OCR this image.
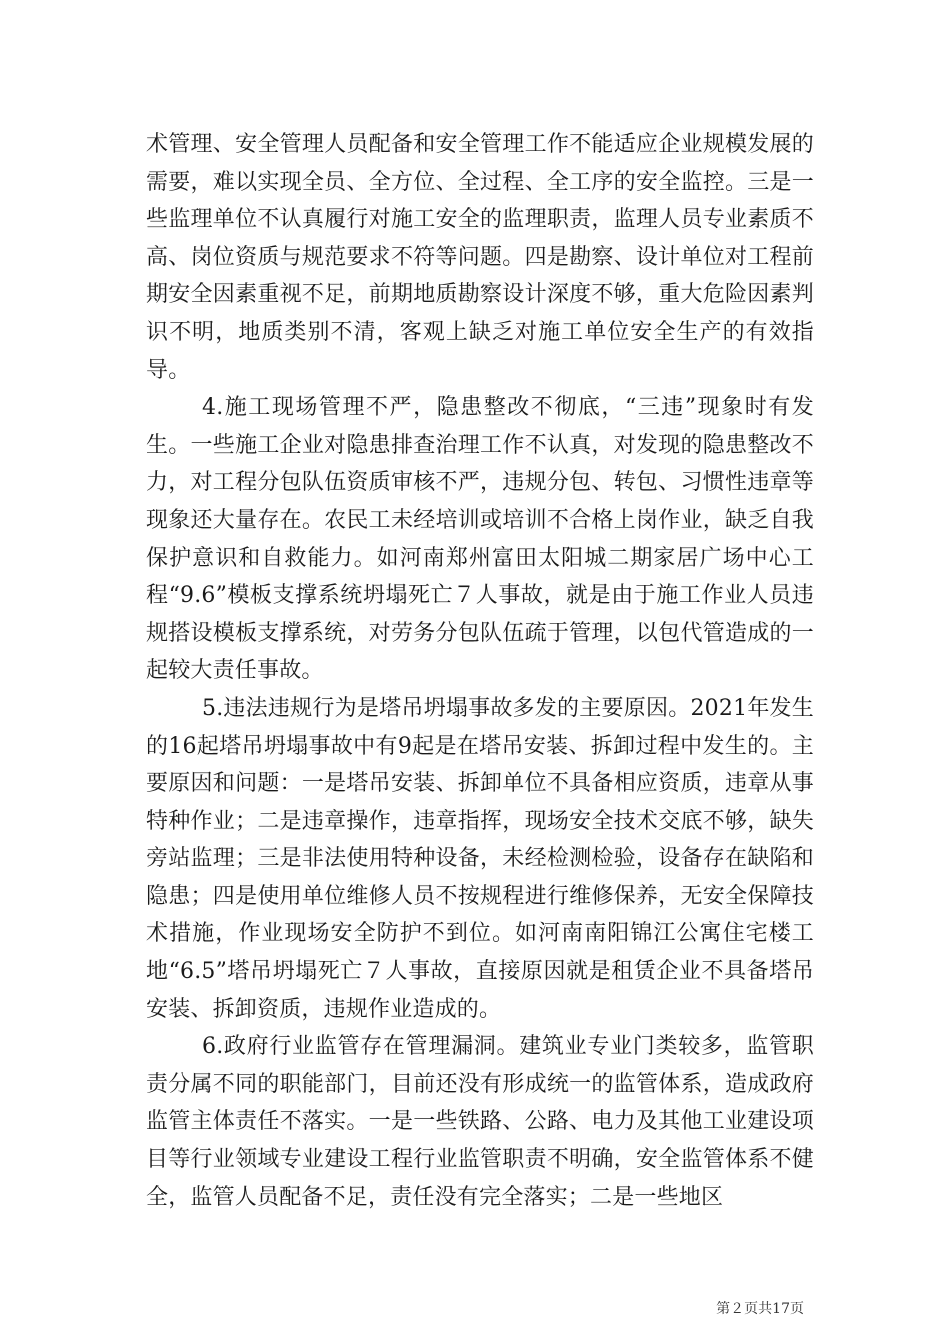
术管理、安全管理人员配备和安全管理工作不能适应企业规模发展的需要，难以实现全员、全方位、全过程、全工序的安全监控。三是一些监理单位不认真履行对施工安全的监理职责，监理人员专业素质不高、岗位资质与规范要求不符等问题。四是勘察、设计单位对工程前期安全因素重视不足，前期地质勘察设计深度不够，重大危险因素判识不明，地质类别不清，客观上缺乏对施工单位安全生产的有效指导。

4.施工现场管理不严，隐患整改不彻底，“三违”现象时有发生。一些施工企业对隐患排查治理工作不认真，对发现的隐患整改不力，对工程分包队伍资质审核不严，违规分包、转包、习惯性违章等现象还大量存在。农民工未经培训或培训不合格上岗作业，缺乏自我保护意识和自救能力。如河南郑州富田太阳城二期家居广场中心工程“9.6”模板支撑系统坍塌死亡７人事故，就是由于施工作业人员违规搭设模板支撑系统，对劳务分包队伍疏于管理，以包代管造成的一起较大责任事故。

5.违法违规行为是塔吊坍塌事故多发的主要原因。2021年发生的16起塔吊坍塌事故中有9起是在塔吊安装、拆卸过程中发生的。主要原因和问题：一是塔吊安装、拆卸单位不具备相应资质，违章从事特种作业；二是违章操作，违章指挥，现场安全技术交底不够，缺失旁站监理；三是非法使用特种设备，未经检测检验，设备存在缺陷和隐患；四是使用单位维修人员不按规程进行维修保养，无安全保障技术措施，作业现场安全防护不到位。如河南南阳锦江公寓住宅楼工地“6.5”塔吊坍塌死亡７人事故，直接原因就是租赁企业不具备塔吊安装、拆卸资质，违规作业造成的。

6.政府行业监管存在管理漏洞。建筑业专业门类较多，监管职责分属不同的职能部门，目前还没有形成统一的监管体系，造成政府监管主体责任不落实。一是一些铁路、公路、电力及其他工业建设项目等行业领域专业建设工程行业监管职责不明确，安全监管体系不健全，监管人员配备不足，责任没有完全落实；二是一些地区

第２页共17页
